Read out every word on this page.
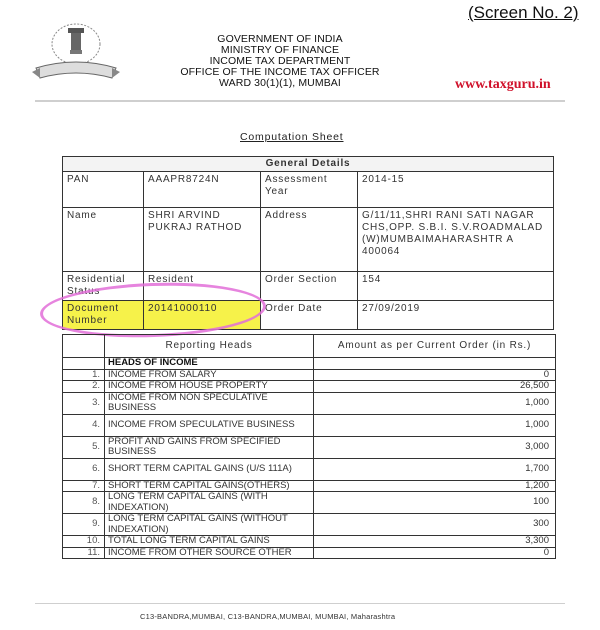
(Screen No. 2)
GOVERNMENT OF INDIA
MINISTRY OF FINANCE
INCOME TAX DEPARTMENT
OFFICE OF THE INCOME TAX OFFICER
WARD 30(1)(1), MUMBAI	www.taxguru.in
Computation Sheet
General Details			
PAN	AAAPR8724N	Assessment Year	2014-15
Name	SHRI ARVIND PUKRAJ RATHOD	Address	G/11/11,SHRI RANI SATI NAGAR CHS,OPP. S.B.I. S.V.ROADMALAD (W)MUMBAIMAHARASHTR A 400064
Residential Status	Resident	Order Section	154
Document Number	20141000110	Order Date	27/09/2019
	Reporting Heads	Amount as per Current Order (in Rs.)
	HEADS OF INCOME	
1.	INCOME FROM SALARY	0
2.	INCOME FROM HOUSE PROPERTY	26,500
3.	INCOME FROM NON SPECULATIVE BUSINESS	1,000
4.	INCOME FROM SPECULATIVE BUSINESS	1,000
5.	PROFIT AND GAINS FROM SPECIFIED BUSINESS	3,000
6.	SHORT TERM CAPITAL GAINS (U/S 111A)	1,700
7.	SHORT TERM CAPITAL GAINS(OTHERS)	1,200
8.	LONG TERM CAPITAL GAINS (WITH INDEXATION)	100
9.	LONG TERM CAPITAL GAINS (WITHOUT INDEXATION)	300
10.	TOTAL LONG TERM CAPITAL GAINS	3,300
11.	INCOME FROM OTHER SOURCE OTHER	0
C13-BANDRA,MUMBAI, C13-BANDRA,MUMBAI, MUMBAI, Maharashtra
